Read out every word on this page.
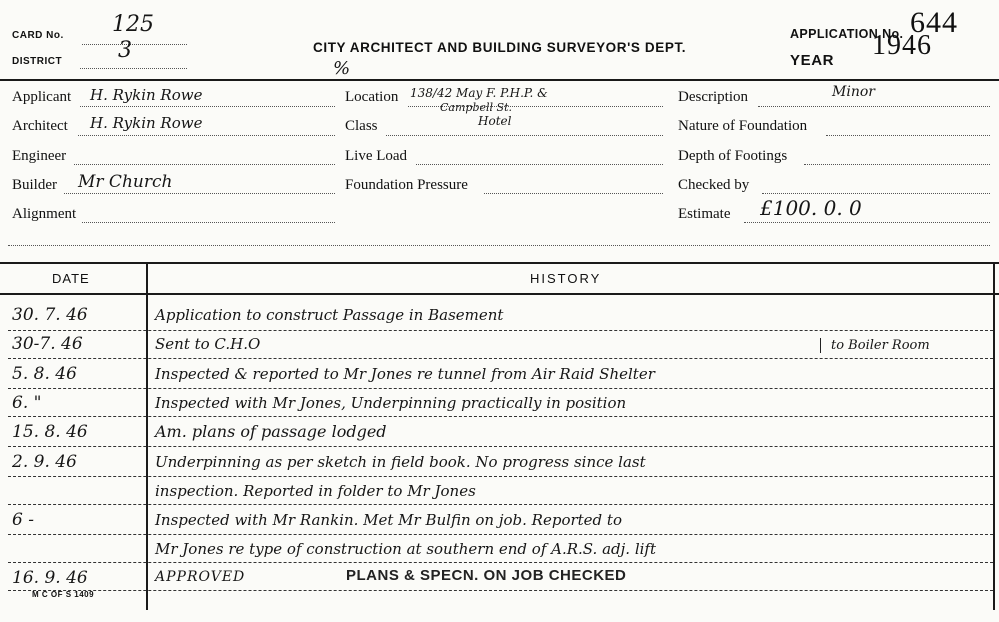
CARD No. 125
DISTRICT	3	CITY ARCHITECT AND BUILDING SURVEYOR'S DEPT.
%
APPLICATION No. 644
YEAR 1946
Applicant H. Rykin Rowe
Architect H. Rykin Rowe
Engineer
Builder Mr Church
Alignment
Location 138/42 May F. P.H.P. &
Campbell St.
Class	Hotel
Live Load
Foundation Pressure
Description	Minor
Nature of Foundation
Depth of Footings
Checked by
Estimate £100. 0. 0
DATE	HISTORY
30. 7. 46	Application to construct Passage in Basement
30-7. 46	Sent to C.H.O	to Boiler Room
5. 8. 46	Inspected & reported to Mr Jones re tunnel from Air Raid Shelter
6. "	Inspected with Mr Jones, Underpinning practically in position
15. 8. 46	Am. plans of passage lodged
2. 9. 46	Underpinning as per sketch in field book. No progress since last
inspection. Reported in folder to Mr Jones
6 -	Inspected with Mr Rankin. Met Mr Bulfin on job. Reported to
Mr Jones re type of construction at southern end of A.R.S. adj. lift
16. 9. 46	APPROVED	PLANS & SPECN. ON JOB CHECKED
M C OF S 1409
